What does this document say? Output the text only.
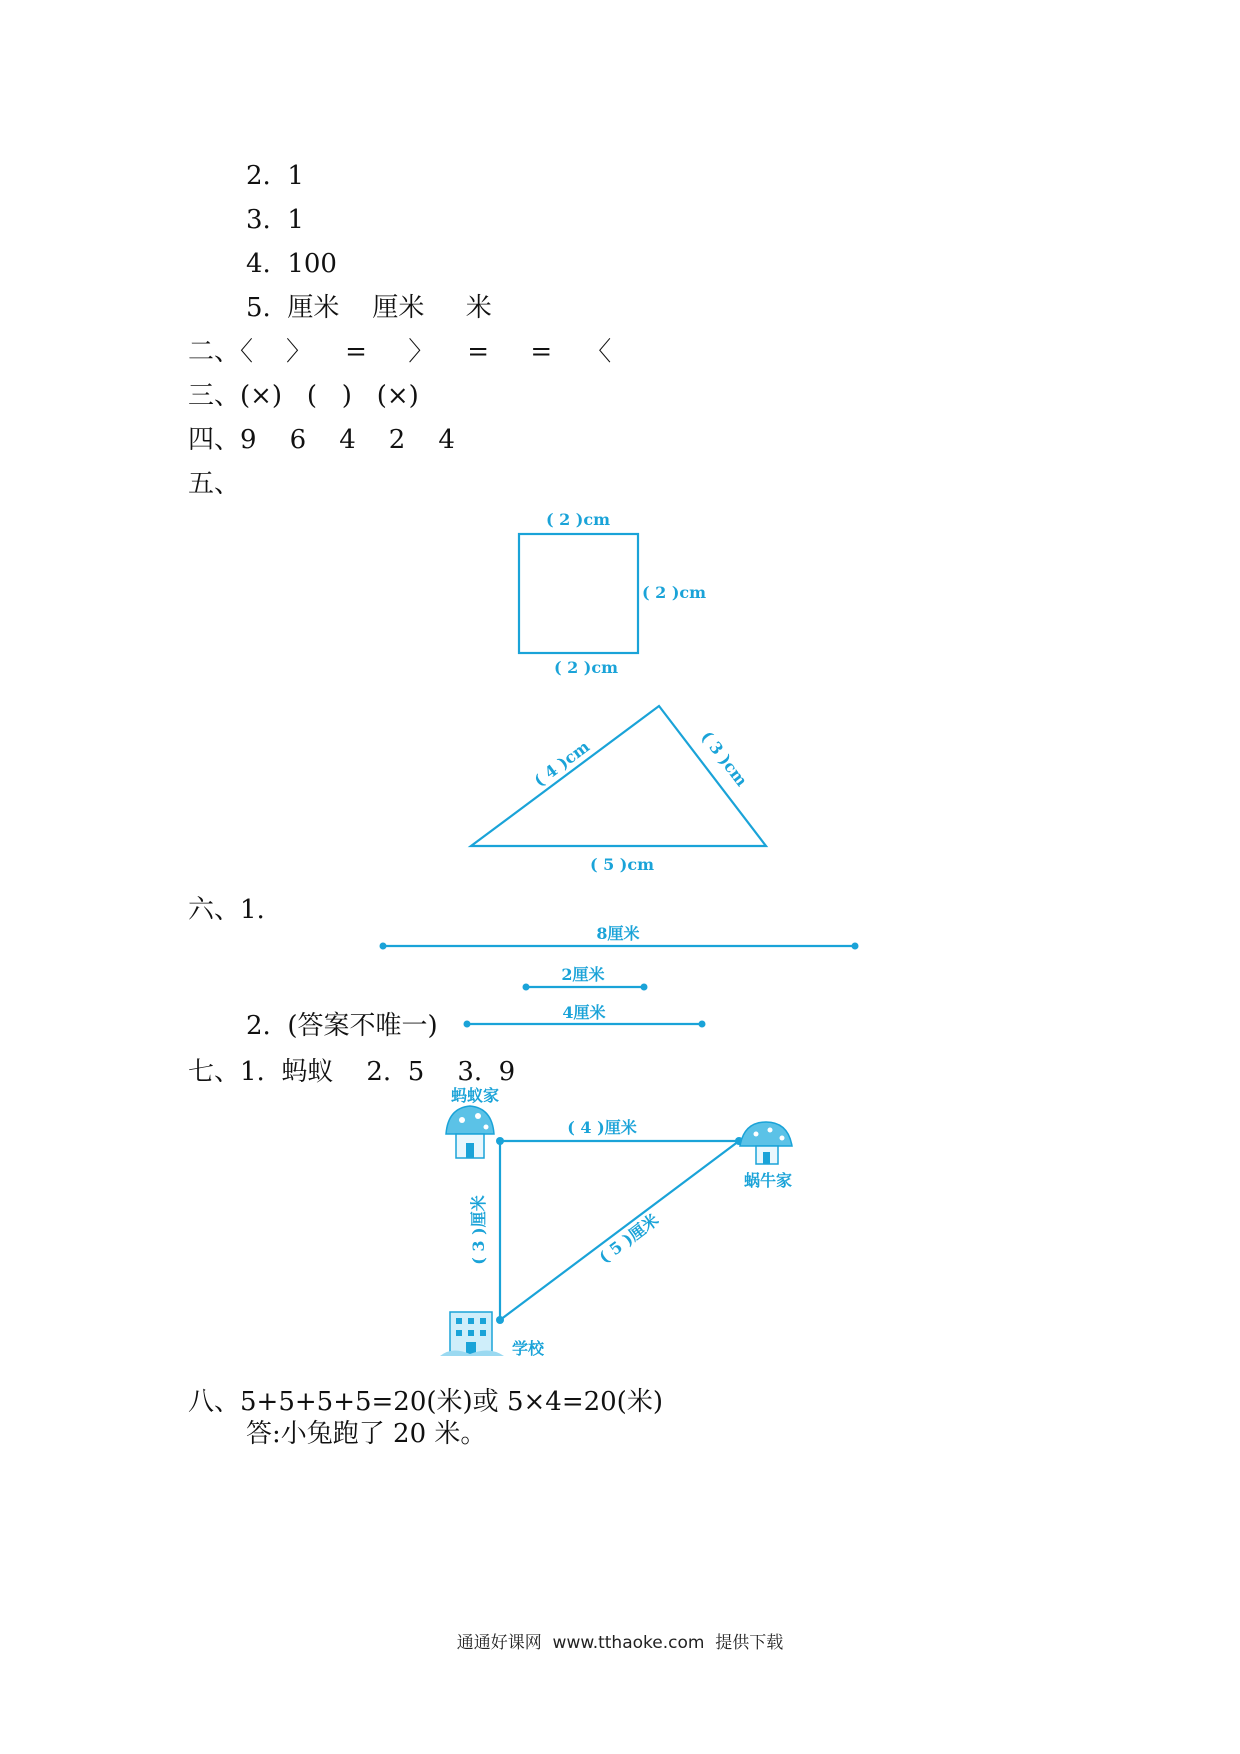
2.  1
3.  1
4.  100
5.  厘米    厘米     米
二、〈    〉    =     〉    =     =    〈
三、(×)   (   )   (×)
四、9    6    4    2    4
五、
六、1.
2.  (答案不唯一)
七、1.  蚂蚁    2.  5    3.  9
八、5+5+5+5=20(米)或 5×4=20(米)
答:小兔跑了 20 米。
( 2 )cm
( 2 )cm
( 2 )cm
( 4 )cm	( 3 )cm
( 5 )cm
8厘米
2厘米
4厘米
( 4 )厘米
( 3 )厘米	( 5 )厘米
蚂蚁家
蜗牛家
学校
通通好课网  www.tthaoke.com  提供下载
